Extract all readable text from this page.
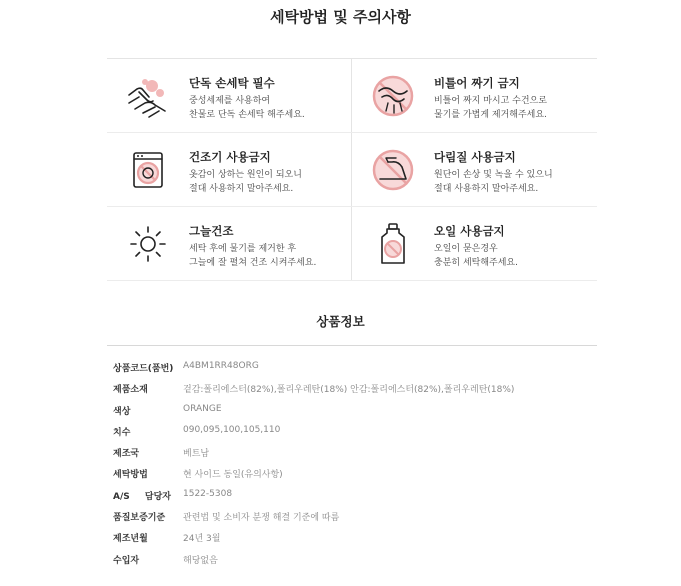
세탁방법 및 주의사항
단독 손세탁 필수
중성세제를 사용하여
찬물로 단독 손세탁 해주세요.
비틀어 짜기 금지
비틀어 짜지 마시고 수건으로
물기를 가볍게 제거해주세요.
건조기 사용금지
옷감이 상하는 원인이 되오니
절대 사용하지 말아주세요.
다림질 사용금지
원단이 손상 및 녹을 수 있으니
절대 사용하지 말아주세요.
그늘건조
세탁 후에 물기를 제거한 후
그늘에 잘 펼쳐 건조 시켜주세요.
오일 사용금지
오일이 묻은경우
충분히 세탁해주세요.
상품정보
상품코드(품번) A4BM1RR48ORG
제품소재	겉감:폴리에스터(82%),폴리우레탄(18%) 안감:폴리에스터(82%),폴리우레탄(18%)
색상	ORANGE
치수	090,095,100,105,110
제조국	베트남
세탁방법	현 사이드 동일(유의사항)
A/S 담당자 1522-5308
품질보증기준	관련법 및 소비자 분쟁 해결 기준에 따름
제조년월	24년 3월
수입자	해당없음
